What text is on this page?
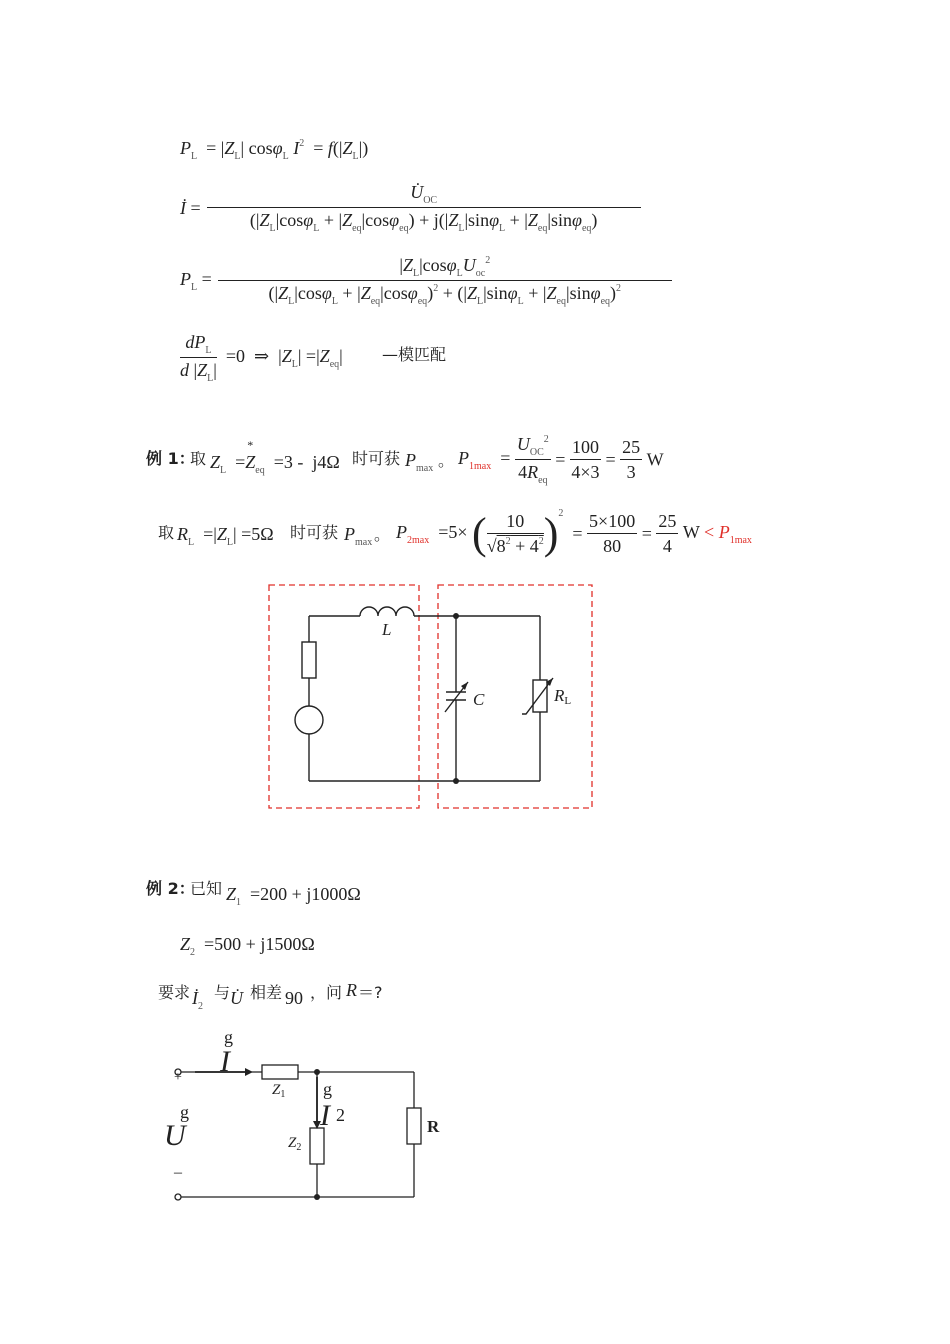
$P_L = |Z_L|$ cosφ$_L$ $I^2 = f(|Z_L|)$
İ = $\frac{U̇_{OC}}{(|Z_L|\cos\varphi_L + |Z_{eq}|\cos\varphi_{eq}) + j(|Z_L|\sin\varphi_L + |Z_{eq}|\sin\varphi_{eq})}$
$P_L = \frac{|Z_L|\cos\varphi_LU_{oc}^2}{(|Z_L|\cos\varphi_L + |Z_{eq}|\cos\varphi_{eq})^2 + (|Z_L|\sin\varphi_L + |Z_{eq}|\sin\varphi_{eq})^2}$
$\frac{dP_L}{d |Z_L|} =0$  ⇒  $|Z_L| =|Z_{eq}|$ —模匹配
例 1：
取 $Z_L =Z$
*
$_{eq}$  =3 -  j4Ω 时可获 $P_{max}$ 。 $P_{1max} = \frac{U_{OC}^2}{4R_{eq}} = \frac{100}{4\times 3} = \frac{25}{3}$ W
取 $R_L =|Z_L| =5\Omega$ 时可获 $P_{max}$ 。 $P_{2max} =5\times$ ( $\frac{10}{√8^2 + 4^2} )^2 = \frac{5\times 100}{80} = \frac{25}{4}$ $W < P_{1max}$
L
C	RL
例 2：
已知 $Z_1 =200 + j1000\Omega$
$Z_2 =500 + j1500\Omega$
要求 $İ_2$
与 U̇ 相差 90 ，问 R ＝?
g
I
+
g
U
–
$Z_1$ g
I 2
$Z_2$
R
